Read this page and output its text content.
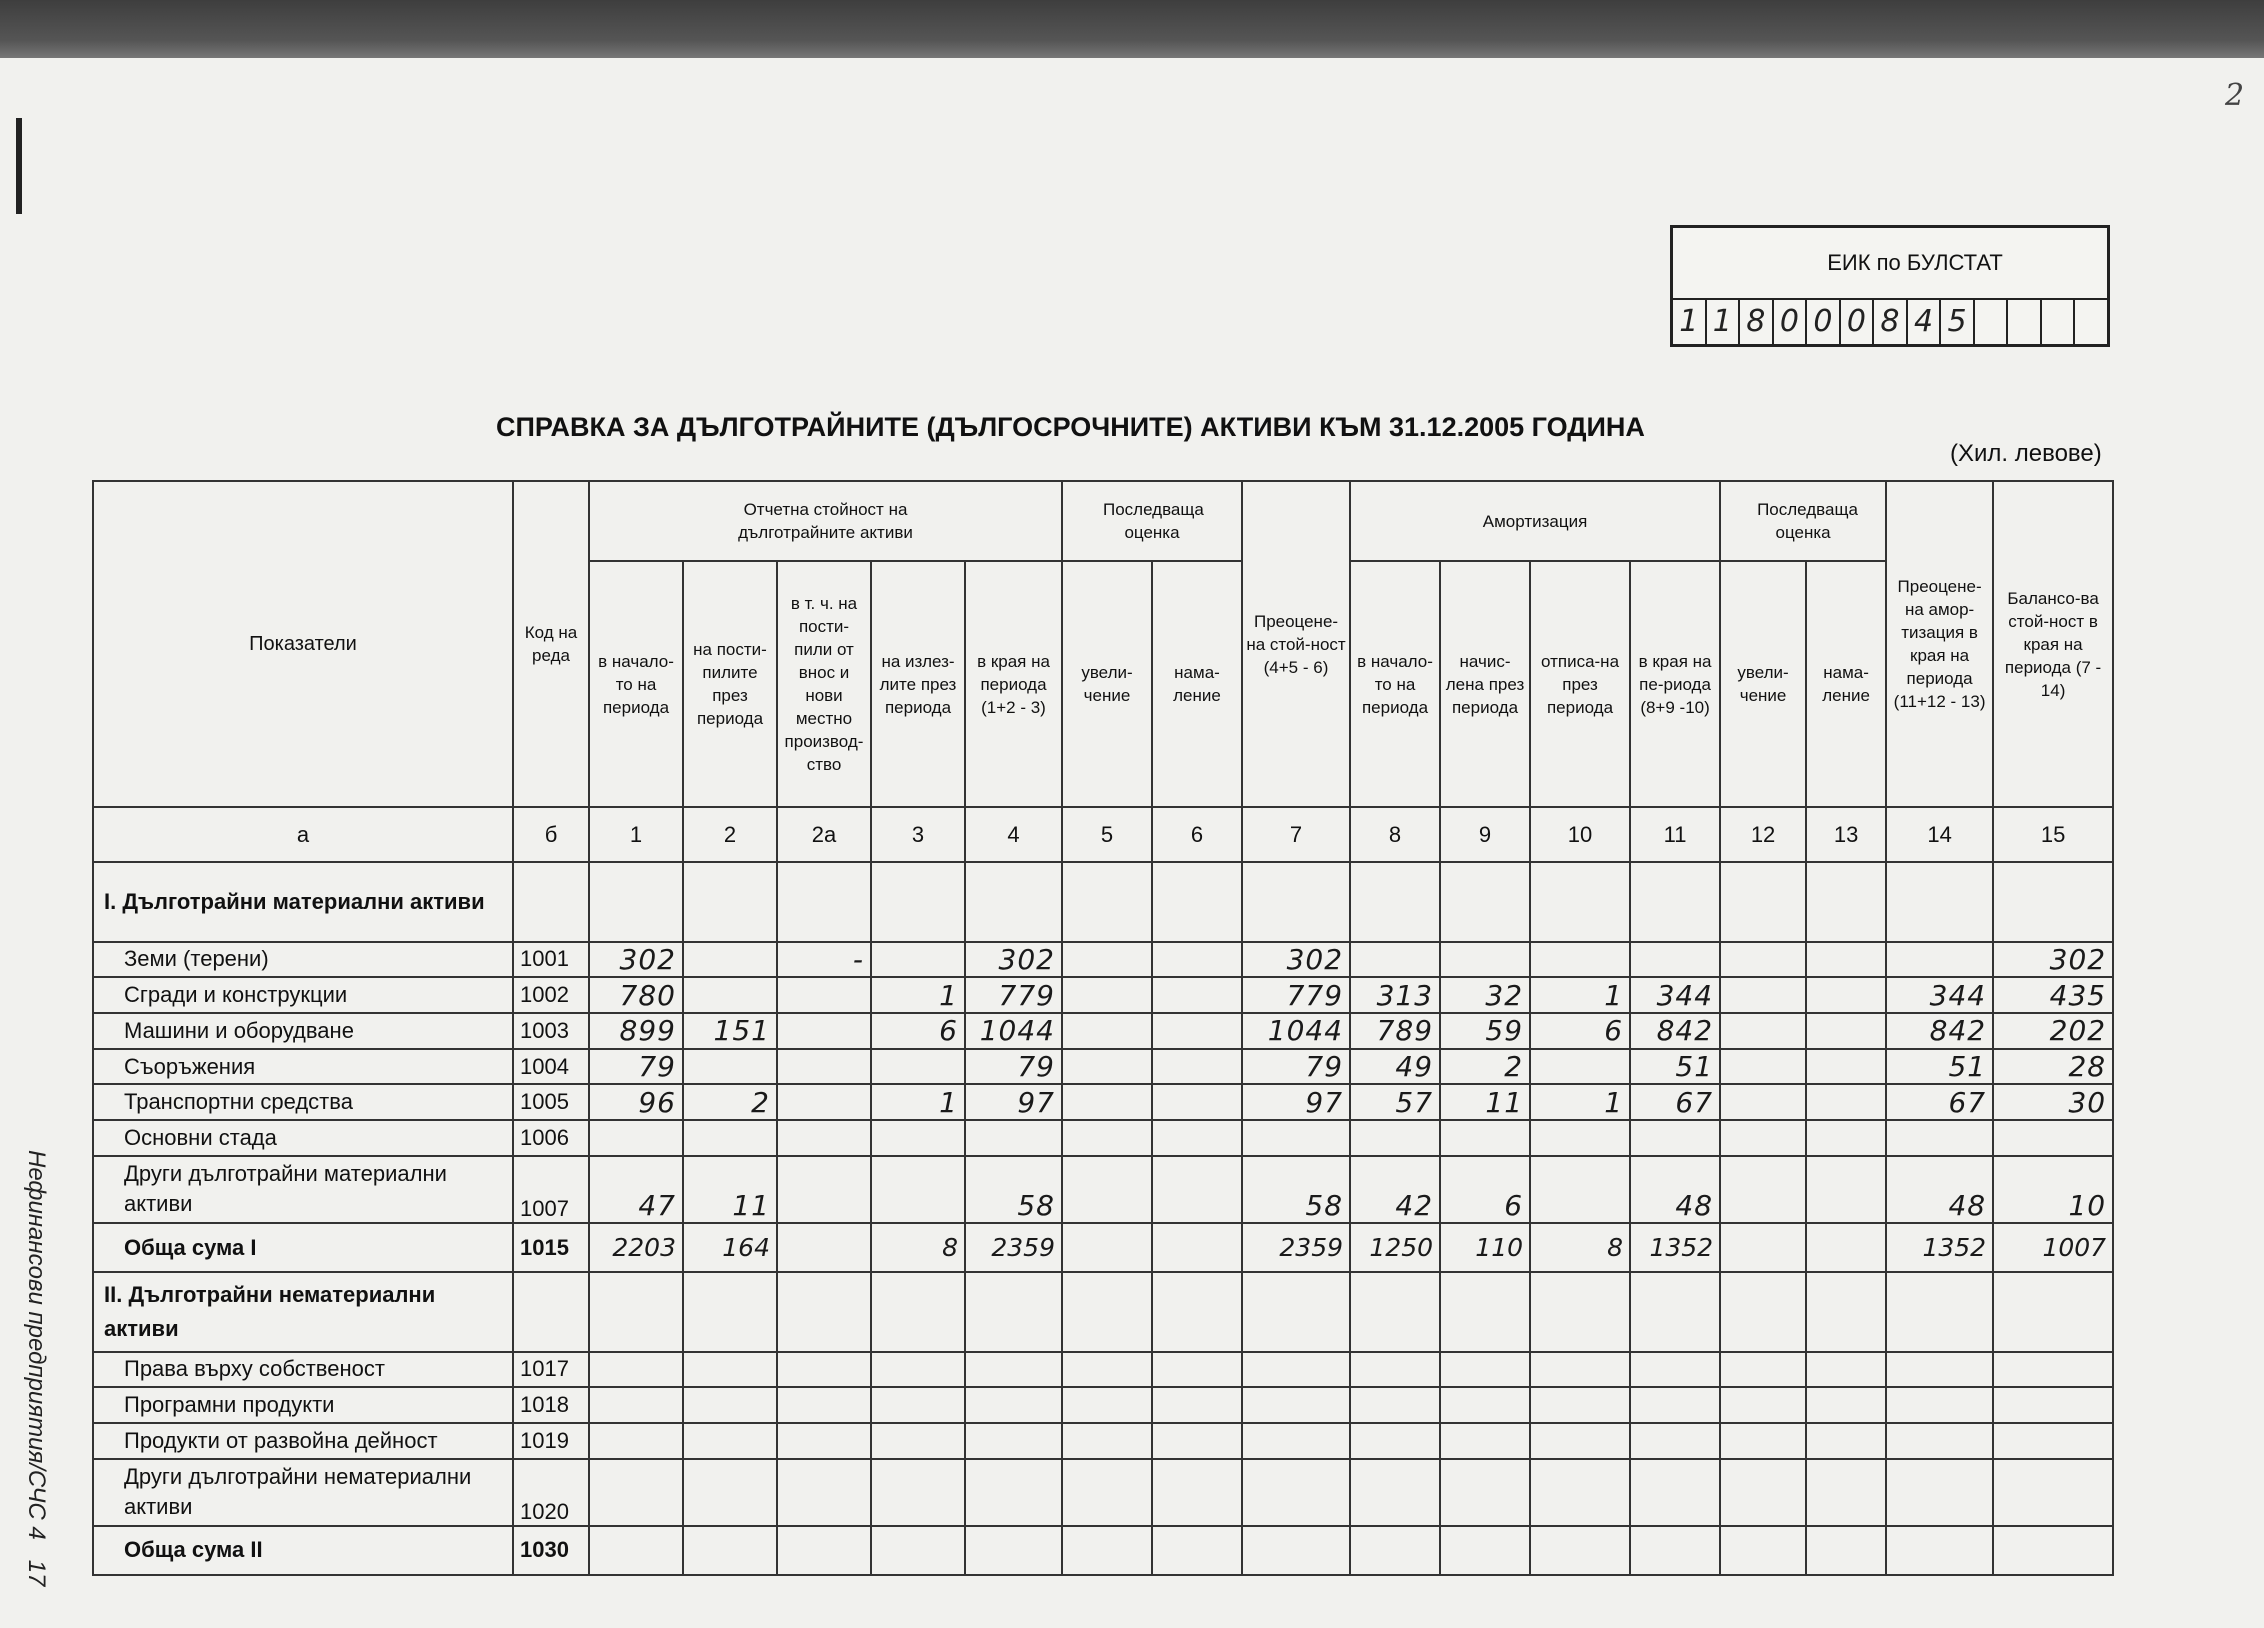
2
Нефинансови предприятия/СЧС 417
ЕИК по БУЛСТАТ
1 1 8 0 0 0 8 4 5
СПРАВКА ЗА ДЪЛГОТРАЙНИТЕ (ДЪЛГОСРОЧНИТЕ) АКТИВИ КЪМ 31.12.2005 ГОДИНА
(Хил. левове)
Показатели	Код на реда	Отчетна стойност на дълготрайните активи					Последваща оценка		Преоцене-на стой-ност (4+5 - 6)	Амортизация				Последваща оценка		Преоцене-на амор-тизация в края на периода (11+12 - 13)	Балансо-ва стой-ност в края на периода (7 - 14)
		в начало-то на периода	на пости-пилите през периода	в т. ч. на пости-пили от внос и нови местно производ-ство	на излез-лите през периода	в края на периода (1+2 - 3)	увели-чение	нама-ление		в начало-то на периода	начис-лена през периода	отписа-на през периода	в края на пе-риода (8+9 -10)	увели-чение	нама-ление		
а	б	1	2	2а	3	4	5	6	7	8	9	10	11	12	13	14	15
I. Дълготрайни материални активи																	
Земи (терени)	1001	302		-		302			302								302
Сгради и конструкции	1002	780			1	779			779	313	32	1	344			344	435
Машини и оборудване	1003	899	151		6	1044			1044	789	59	6	842			842	202
Съоръжения	1004	79				79			79	49	2		51			51	28
Транспортни средства	1005	96	2		1	97			97	57	11	1	67			67	30
Основни стада	1006																
Други дълготрайни материални активи	1007	47	11			58			58	42	6		48			48	10
Обща сума I	1015	2203	164		8	2359			2359	1250	110	8	1352			1352	1007
II. Дълготрайни нематериални активи																	
Права върху собственост	1017																
Програмни продукти	1018																
Продукти от развойна дейност	1019																
Други дълготрайни нематериални активи	1020																
Обща сума II	1030																
